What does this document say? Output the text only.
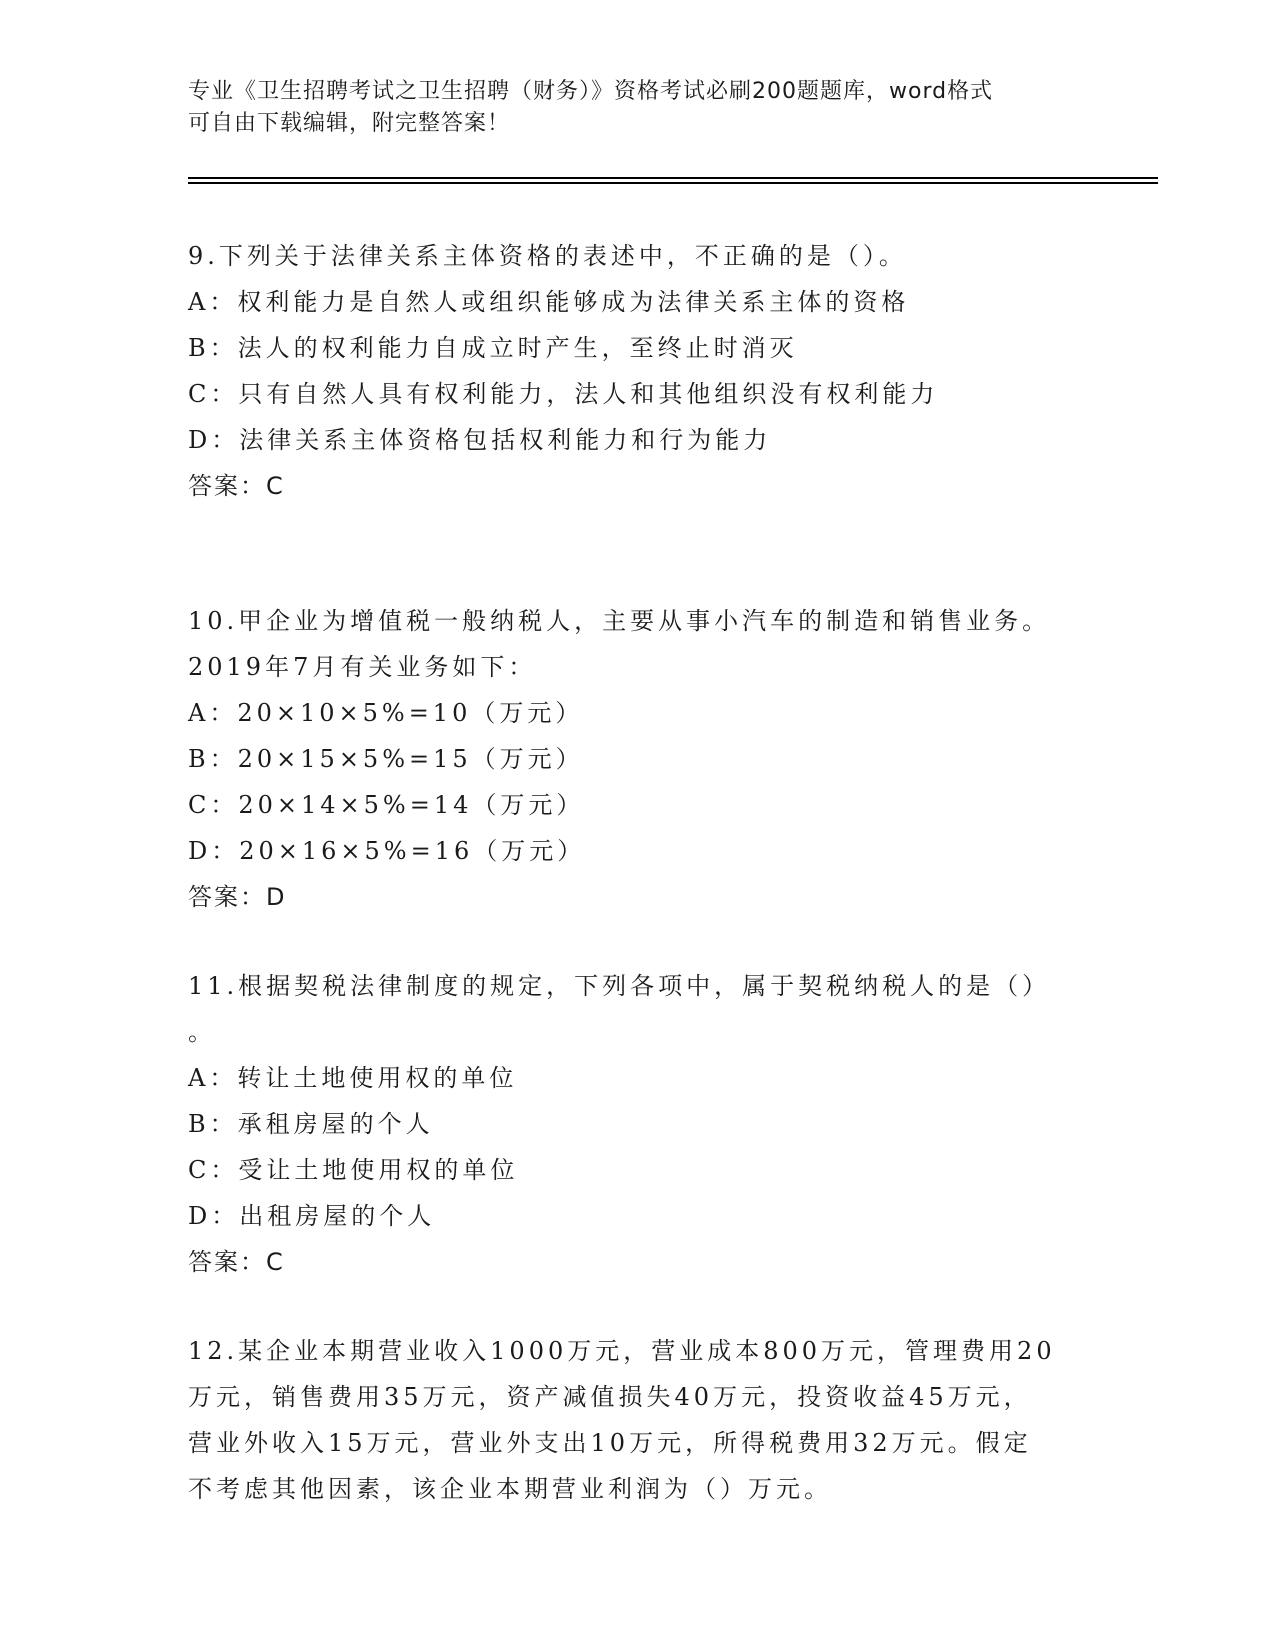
专业《卫生招聘考试之卫生招聘（财务）》资格考试必刷200题题库，word格式
可自由下载编辑，附完整答案！
9.下列关于法律关系主体资格的表述中，不正确的是（）。
A：权利能力是自然人或组织能够成为法律关系主体的资格
B：法人的权利能力自成立时产生，至终止时消灭
C：只有自然人具有权利能力，法人和其他组织没有权利能力
D：法律关系主体资格包括权利能力和行为能力
答案：C
10.甲企业为增值税一般纳税人，主要从事小汽车的制造和销售业务。
2019年7月有关业务如下：
A：20×10×5%=10（万元）
B：20×15×5%=15（万元）
C：20×14×5%=14（万元）
D：20×16×5%=16（万元）
答案：D
11.根据契税法律制度的规定，下列各项中，属于契税纳税人的是（）
。
A：转让土地使用权的单位
B：承租房屋的个人
C：受让土地使用权的单位
D：出租房屋的个人
答案：C
12.某企业本期营业收入1000万元，营业成本800万元，管理费用20
万元，销售费用35万元，资产减值损失40万元，投资收益45万元，
营业外收入15万元，营业外支出10万元，所得税费用32万元。假定
不考虑其他因素，该企业本期营业利润为（）万元。
